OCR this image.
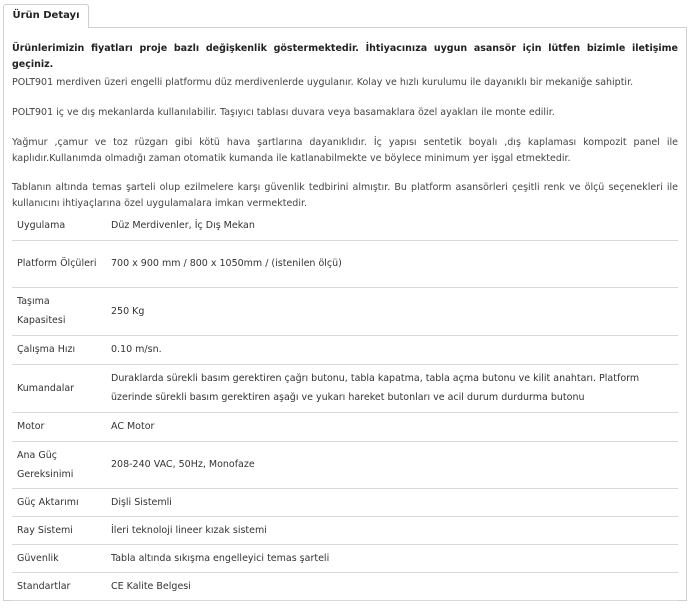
Ürün Detayı

Ürünlerimizin fiyatları proje bazlı değişkenlik göstermektedir. İhtiyacınıza uygun asansör için lütfen bizimle iletişime geçiniz.

POLT901 merdiven üzeri engelli platformu düz merdivenlerde uygulanır. Kolay ve hızlı kurulumu ile dayanıklı bir mekaniğe sahiptir.

POLT901 iç ve dış mekanlarda kullanılabilir. Taşıyıcı tablası duvara veya basamaklara özel ayakları ile monte edilir.

Yağmur ,çamur ve toz rüzgarı gibi kötü hava şartlarına dayanıklıdır. İç yapısı sentetik boyalı ,dış kaplaması kompozit panel ile kaplıdır.Kullanımda olmadığı zaman otomatik kumanda ile katlanabilmekte ve böylece minimum yer işgal etmektedir.

Tablanın altında temas şarteli olup ezilmelere karşı güvenlik tedbirini almıştır. Bu platform asansörleri çeşitli renk ve ölçü seçenekleri ile kullanıcını ihtiyaçlarına özel uygulamalara imkan vermektedir.

Uygulama	Düz Merdivenler, İç Dış Mekan
Platform Ölçüleri	700 x 900 mm / 800 x 1050mm / (istenilen ölçü)
Taşıma Kapasitesi	250 Kg
Çalışma Hızı	0.10 m/sn.
Kumandalar	Duraklarda sürekli basım gerektiren çağrı butonu, tabla kapatma, tabla açma butonu ve kilit anahtarı. Platform üzerinde sürekli basım gerektiren aşağı ve yukarı hareket butonları ve acil durum durdurma butonu
Motor	AC Motor
Ana Güç Gereksinimi	208-240 VAC, 50Hz, Monofaze
Güç Aktarımı	Dişli Sistemli
Ray Sistemi	İleri teknoloji lineer kızak sistemi
Güvenlik	Tabla altında sıkışma engelleyici temas şarteli
Standartlar	CE Kalite Belgesi
